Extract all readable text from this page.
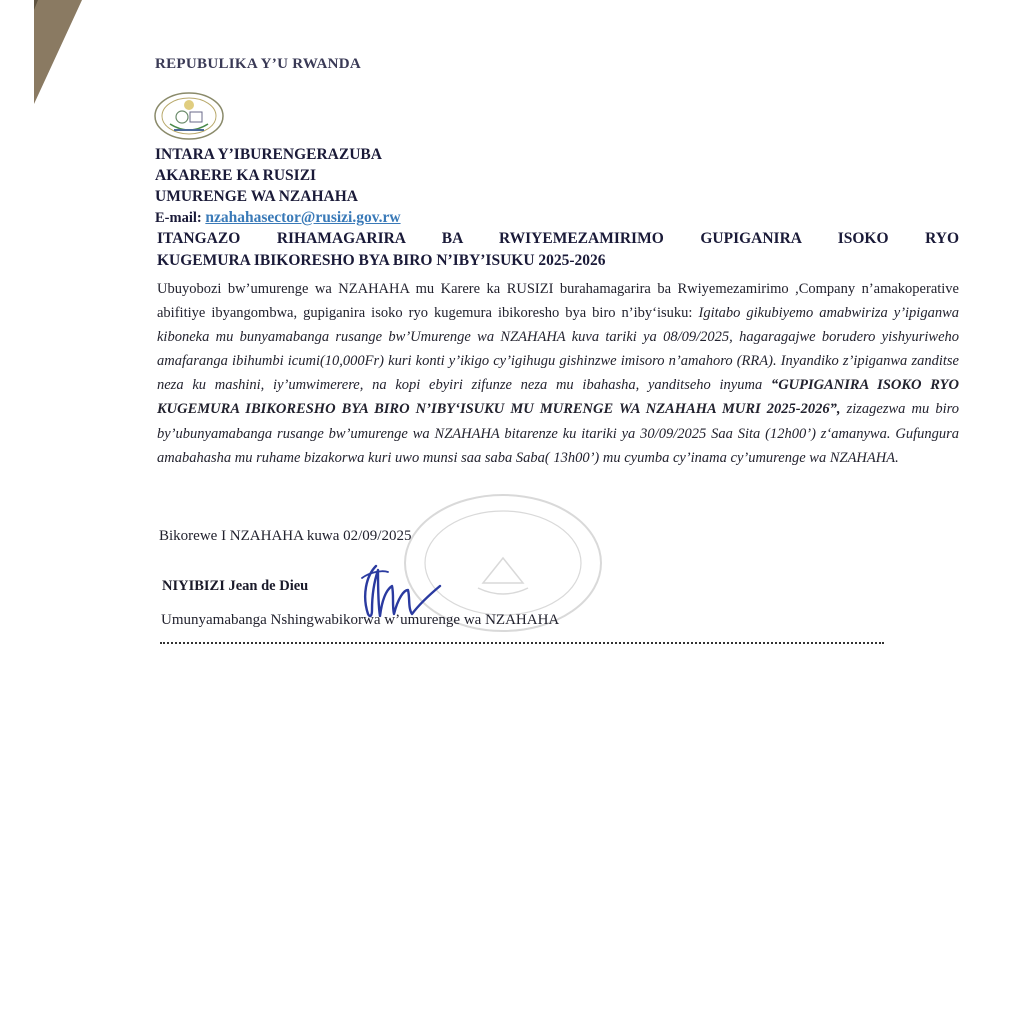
REPUBULIKA Y’U RWANDA
INTARA Y’IBURENGERAZUBA
AKARERE KA RUSIZI
UMURENGE WA NZAHAHA
E-mail: nzahahasector@rusizi.gov.rw
ITANGAZO RIHAMAGARIRA BA RWIYEMEZAMIRIMO GUPIGANIRA ISOKO RYO
KUGEMURA IBIKORESHO BYA BIRO N’IBY’ISUKU 2025-2026
Ubuyobozi bw’umurenge wa NZAHAHA mu Karere ka RUSIZI burahamagarira ba Rwiyemezamirimo ,Company n’amakoperative abifitiye ibyangombwa, gupiganira isoko ryo kugemura ibikoresho bya biro n’iby‘isuku: Igitabo gikubiyemo amabwiriza y’ipiganwa kiboneka mu bunyamabanga rusange bw’Umurenge wa NZAHAHA kuva tariki ya 08/09/2025, hagaragajwe borudero yishyuriweho amafaranga ibihumbi icumi(10,000Fr) kuri konti y’ikigo cy’igihugu gishinzwe imisoro n’amahoro (RRA). Inyandiko z’ipiganwa zanditse neza ku mashini, iy’umwimerere, na kopi ebyiri zifunze neza mu ibahasha, yanditseho inyuma “GUPIGANIRA ISOKO RYO KUGEMURA IBIKORESHO BYA BIRO N’IBY‘ISUKU MU MURENGE WA NZAHAHA MURI 2025-2026”, zizagezwa mu biro by’ubunyamabanga rusange bw’umurenge wa NZAHAHA bitarenze ku itariki ya 30/09/2025 Saa Sita (12h00’) z‘amanywa. Gufungura amabahasha mu ruhame bizakorwa kuri uwo munsi saa saba Saba( 13h00’) mu cyumba cy’inama cy’umurenge wa NZAHAHA.
Bikorewe I NZAHAHA kuwa 02/09/2025
NIYIBIZI Jean de Dieu
Umunyamabanga Nshingwabikorwa w’umurenge wa NZAHAHA
